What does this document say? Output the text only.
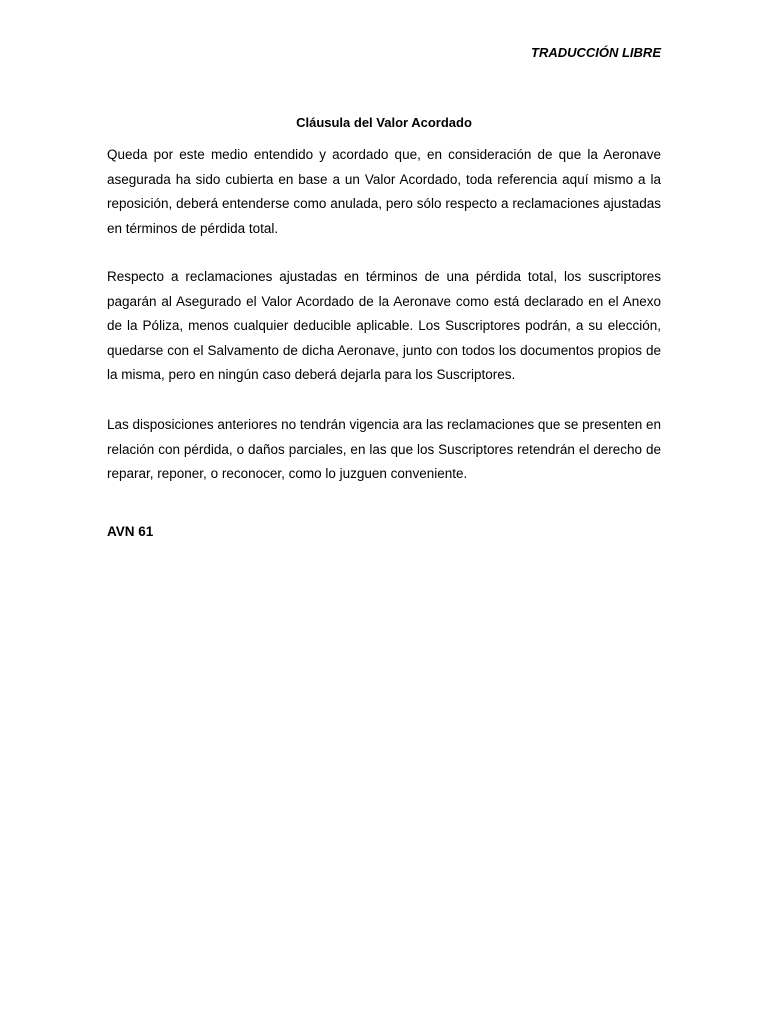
TRADUCCIÓN LIBRE
Cláusula del Valor Acordado

Queda por este medio entendido y acordado que, en consideración de que la Aeronave asegurada ha sido cubierta en base a un Valor Acordado, toda referencia aquí mismo a la reposición, deberá entenderse como anulada, pero sólo respecto a reclamaciones ajustadas en términos de pérdida total.

Respecto a reclamaciones ajustadas en términos de una pérdida total, los suscriptores pagarán al Asegurado el Valor Acordado de la Aeronave como está declarado en el Anexo de la Póliza, menos cualquier deducible aplicable. Los Suscriptores podrán, a su elección, quedarse con el Salvamento de dicha Aeronave, junto con todos los documentos propios de la misma, pero en ningún caso deberá dejarla para los Suscriptores.

Las disposiciones anteriores no tendrán vigencia ara las reclamaciones que se presenten en relación con pérdida, o daños parciales, en las que los Suscriptores retendrán el derecho de reparar, reponer, o reconocer, como lo juzguen conveniente.

AVN 61
